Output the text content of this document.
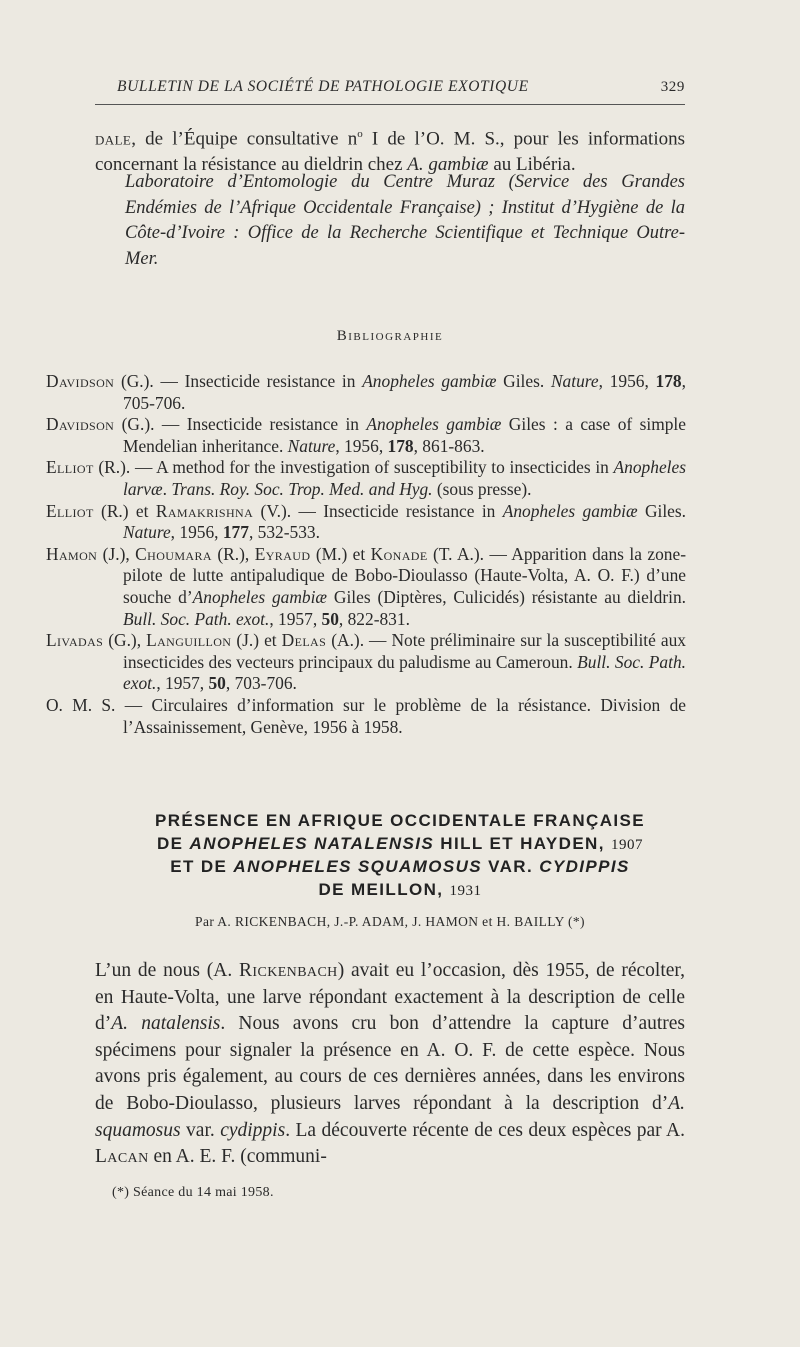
BULLETIN DE LA SOCIÉTÉ DE PATHOLOGIE EXOTIQUE	329

dale, de l’Équipe consultative $n^o$ I de l’O. M. S., pour les informations concernant la résistance au dieldrin chez A. gambiæ au Libéria.

Laboratoire d’Entomologie du Centre Muraz (Service des Grandes Endémies de l’Afrique Occidentale Française) ; Institut d’Hygiène de la Côte-d’Ivoire : Office de la Recherche Scientifique et Technique Outre-Mer.

Bibliographie
Davidson (G.). — Insecticide resistance in Anopheles gambiæ Giles. Nature, 1956, 178, 705-706.
Davidson (G.). — Insecticide resistance in Anopheles gambiæ Giles : a case of simple Mendelian inheritance. Nature, 1956, 178, 861-863.
Elliot (R.). — A method for the investigation of susceptibility to insecticides in Anopheles larvæ. Trans. Roy. Soc. Trop. Med. and Hyg. (sous presse).
Elliot (R.) et Ramakrishna (V.). — Insecticide resistance in Anopheles gambiæ Giles. Nature, 1956, 177, 532-533.
Hamon (J.), Choumara (R.), Eyraud (M.) et Konade (T. A.). — Apparition dans la zone-pilote de lutte antipaludique de Bobo-Dioulasso (Haute-Volta, A. O. F.) d’une souche d’Anopheles gambiæ Giles (Diptères, Culicidés) résistante au dieldrin. Bull. Soc. Path. exot., 1957, 50, 822-831.
Livadas (G.), Languillon (J.) et Delas (A.). — Note préliminaire sur la susceptibilité aux insecticides des vecteurs principaux du paludisme au Cameroun. Bull. Soc. Path. exot., 1957, 50, 703-706.
O. M. S. — Circulaires d’information sur le problème de la résistance. Division de l’Assainissement, Genève, 1956 à 1958.
PRÉSENCE EN AFRIQUE OCCIDENTALE FRANÇAISE
DE ANOPHELES NATALENSIS HILL ET HAYDEN, 1907
ET DE ANOPHELES SQUAMOSUS VAR. CYDIPPIS
DE MEILLON, 1931
Par A. RICKENBACH, J.-P. ADAM, J. HAMON et H. BAILLY (*)

L’un de nous (A. Rickenbach) avait eu l’occasion, dès 1955, de récolter, en Haute-Volta, une larve répondant exactement à la description de celle d’A. natalensis. Nous avons cru bon d’attendre la capture d’autres spécimens pour signaler la présence en A. O. F. de cette espèce. Nous avons pris également, au cours de ces dernières années, dans les environs de Bobo-Dioulasso, plusieurs larves répondant à la description d’A. squamosus var. cydippis. La découverte récente de ces deux espèces par A. Lacan en A. E. F. (communi-

(*) Séance du 14 mai 1958.
